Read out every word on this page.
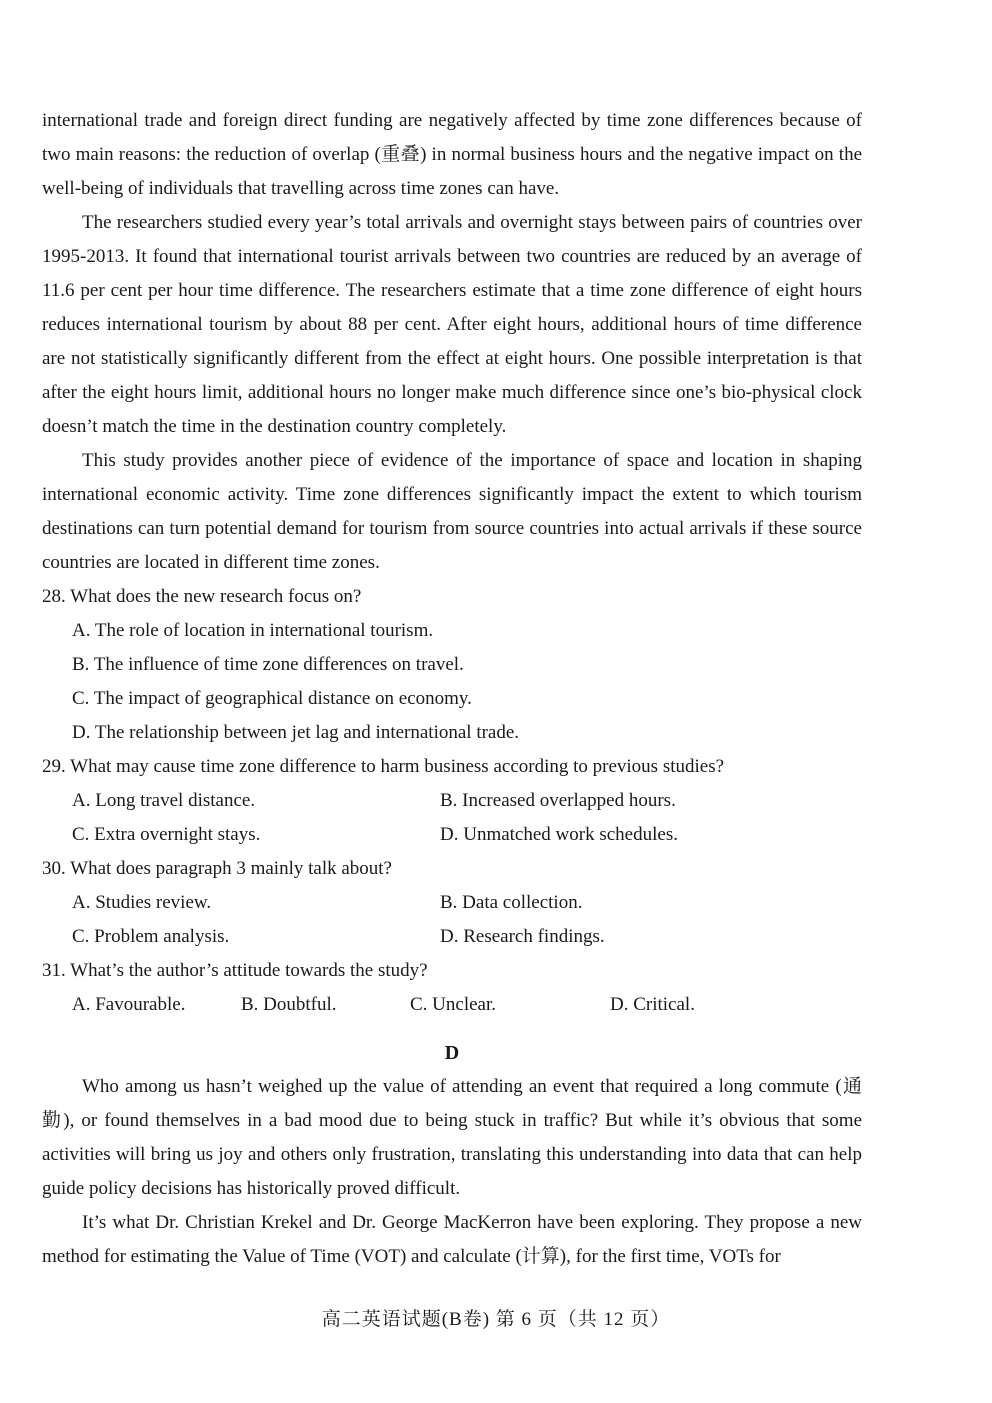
international trade and foreign direct funding are negatively affected by time zone differences because of two main reasons: the reduction of overlap (重叠) in normal business hours and the negative impact on the well-being of individuals that travelling across time zones can have.

The researchers studied every year’s total arrivals and overnight stays between pairs of countries over 1995-2013. It found that international tourist arrivals between two countries are reduced by an average of 11.6 per cent per hour time difference. The researchers estimate that a time zone difference of eight hours reduces international tourism by about 88 per cent. After eight hours, additional hours of time difference are not statistically significantly different from the effect at eight hours. One possible interpretation is that after the eight hours limit, additional hours no longer make much difference since one’s bio-physical clock doesn’t match the time in the destination country completely.

This study provides another piece of evidence of the importance of space and location in shaping international economic activity. Time zone differences significantly impact the extent to which tourism destinations can turn potential demand for tourism from source countries into actual arrivals if these source countries are located in different time zones.

28. What does the new research focus on?

A. The role of location in international tourism.

B. The influence of time zone differences on travel.

C. The impact of geographical distance on economy.

D. The relationship between jet lag and international trade.

29. What may cause time zone difference to harm business according to previous studies?

A. Long travel distance.	B. Increased overlapped hours.
C. Extra overnight stays.	D. Unmatched work schedules.

30. What does paragraph 3 mainly talk about?

A. Studies review.	B. Data collection.
C. Problem analysis.	D. Research findings.

31. What’s the author’s attitude towards the study?

A. Favourable.	B. Doubtful.	C. Unclear.	D. Critical.

D

Who among us hasn’t weighed up the value of attending an event that required a long commute (通勤), or found themselves in a bad mood due to being stuck in traffic? But while it’s obvious that some activities will bring us joy and others only frustration, translating this understanding into data that can help guide policy decisions has historically proved difficult.

It’s what Dr. Christian Krekel and Dr. George MacKerron have been exploring. They propose a new method for estimating the Value of Time (VOT) and calculate (计算), for the first time, VOTs for

高二英语试题(B卷) 第 6 页（共 12 页）
